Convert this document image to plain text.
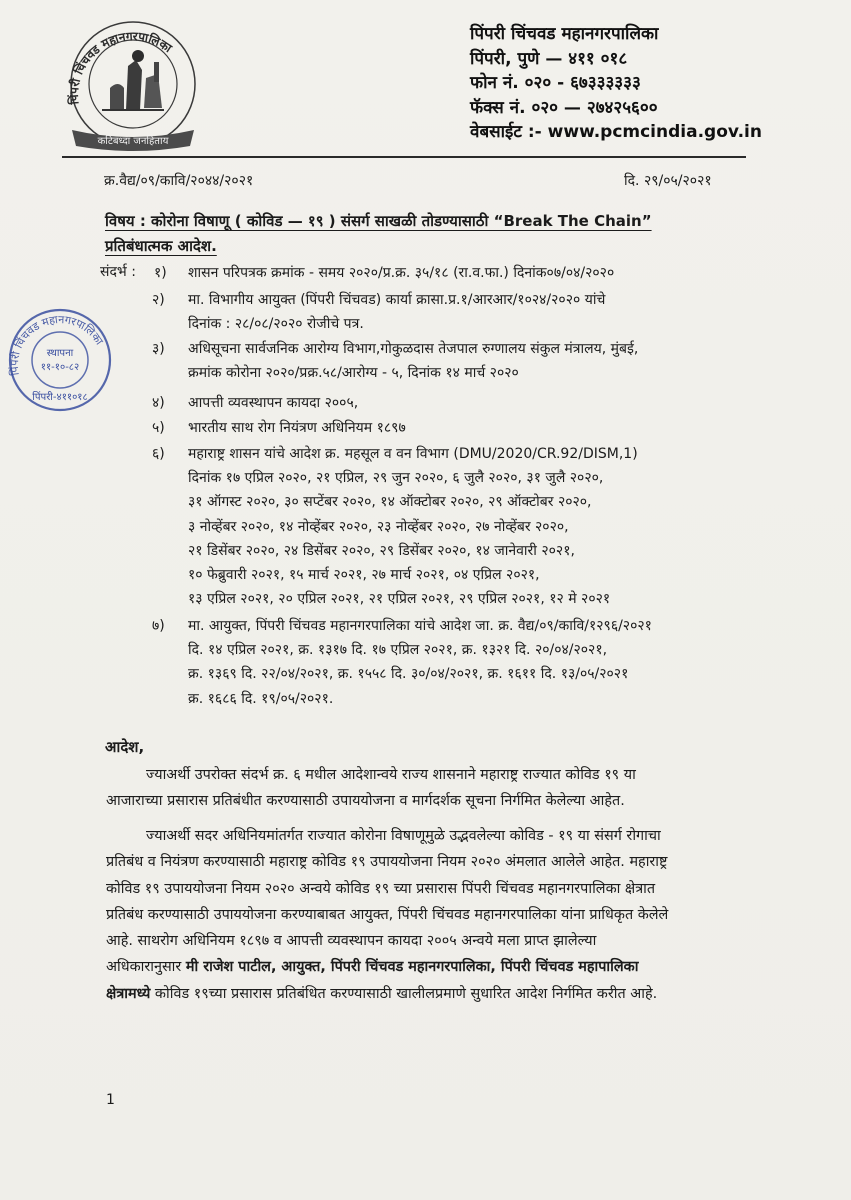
पिंपरी चिंचवड महानगरपालिका
कटिबध्दा जनहिताय
पिंपरी चिंचवड महानगरपालिका
पिंपरी, पुणे — ४११ ०१८
फोन नं. ०२० - ६७३३३३३३
फॅक्स नं. ०२० — २७४२५६००
वेबसाईट :- www.pcmcindia.gov.in
क्र.वैद्य/०९/कावि/२०४४/२०२१	दि. २९/०५/२०२१
विषय : कोरोना विषाणू ( कोविड — १९ ) संसर्ग साखळी तोडण्यासाठी “Break The Chain”
प्रतिबंधात्मक आदेश.
संदर्भ : १) शासन परिपत्रक क्रमांक - समय २०२०/प्र.क्र. ३५/१८ (रा.व.फा.) दिनांक०७/०४/२०२०
२) मा. विभागीय आयुक्त (पिंपरी चिंचवड) कार्या क्रासा.प्र.१/आरआर/१०२४/२०२० यांचे
दिनांक : २८/०८/२०२० रोजीचे पत्र.
३) अधिसूचना सार्वजनिक आरोग्य विभाग,गोकुळदास तेजपाल रुग्णालय संकुल मंत्रालय, मुंबई,
क्रमांक कोरोना २०२०/प्रक्र.५८/आरोग्य - ५, दिनांक १४ मार्च २०२०
४) आपत्ती व्यवस्थापन कायदा २००५,
५) भारतीय साथ रोग नियंत्रण अधिनियम १८९७
६) महाराष्ट्र शासन यांचे आदेश क्र. महसूल व वन विभाग (DMU/2020/CR.92/DISM,1)
दिनांक १७ एप्रिल २०२०, २१ एप्रिल, २९ जुन २०२०, ६ जुलै २०२०, ३१ जुलै २०२०,
३१ ऑगस्ट २०२०, ३० सप्टेंबर २०२०, १४ ऑक्टोबर २०२०, २९ ऑक्टोबर २०२०,
३ नोव्हेंबर २०२०, १४ नोव्हेंबर २०२०, २३ नोव्हेंबर २०२०, २७ नोव्हेंबर २०२०,
२१ डिसेंबर २०२०, २४ डिसेंबर २०२०, २९ डिसेंबर २०२०, १४ जानेवारी २०२१,
१० फेब्रुवारी २०२१, १५ मार्च २०२१, २७ मार्च २०२१, ०४ एप्रिल २०२१,
१३ एप्रिल २०२१, २० एप्रिल २०२१, २१ एप्रिल २०२१, २९ एप्रिल २०२१, १२ मे २०२१
७) मा. आयुक्त, पिंपरी चिंचवड महानगरपालिका यांचे आदेश जा. क्र. वैद्य/०९/कावि/१२९६/२०२१
दि. १४ एप्रिल २०२१, क्र. १३१७ दि. १७ एप्रिल २०२१, क्र. १३२१ दि. २०/०४/२०२१,
क्र. १३६९ दि. २२/०४/२०२१, क्र. १५५८ दि. ३०/०४/२०२१, क्र. १६११ दि. १३/०५/२०२१
क्र. १६८६ दि. १९/०५/२०२१.
पिंपरी चिंचवड महानगरपालिका
स्थापना
११-१०-८२
पिंपरी-४११०१८
आदेश,
ज्याअर्थी उपरोक्त संदर्भ क्र. ६ मधील आदेशान्वये राज्य शासनाने महाराष्ट्र राज्यात कोविड १९ या
आजाराच्या प्रसारास प्रतिबंधीत करण्यासाठी उपाययोजना व मार्गदर्शक सूचना निर्गमित केलेल्या आहेत.
ज्याअर्थी सदर अधिनियमांतर्गत राज्यात कोरोना विषाणूमुळे उद्भवलेल्या कोविड - १९ या संसर्ग रोगाचा
प्रतिबंध व नियंत्रण करण्यासाठी महाराष्ट्र कोविड १९ उपाययोजना नियम २०२० अंमलात आलेले आहेत. महाराष्ट्र
कोविड १९ उपाययोजना नियम २०२० अन्वये कोविड १९ च्या प्रसारास पिंपरी चिंचवड महानगरपालिका क्षेत्रात
प्रतिबंध करण्यासाठी उपाययोजना करण्याबाबत आयुक्त, पिंपरी चिंचवड महानगरपालिका यांना प्राधिकृत केलेले
आहे. साथरोग अधिनियम १८९७ व आपत्ती व्यवस्थापन कायदा २००५ अन्वये मला प्राप्त झालेल्या
अधिकारानुसार मी राजेश पाटील, आयुक्त, पिंपरी चिंचवड महानगरपालिका, पिंपरी चिंचवड महापालिका
क्षेत्रामध्ये कोविड १९च्या प्रसारास प्रतिबंधित करण्यासाठी खालीलप्रमाणे सुधारित आदेश निर्गमित करीत आहे.
1
